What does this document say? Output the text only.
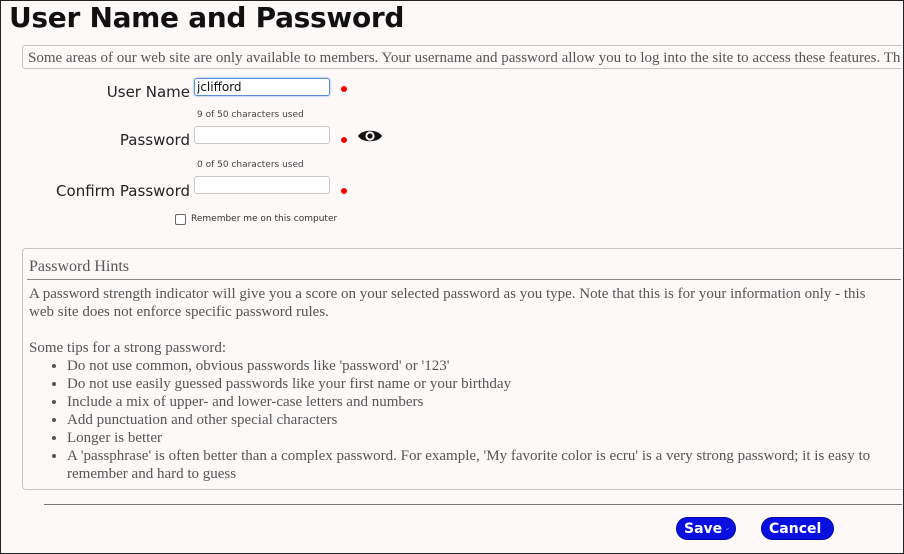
User Name and Password
Some areas of our web site are only available to members. Your username and password allow you to log into the site to access these features. Th
User Name
jclifford
9 of 50 characters used
Password
0 of 50 characters used
Confirm Password
Remember me on this computer
Password Hints

A password strength indicator will give you a score on your selected password as you type. Note that this is for your information only - this web site does not enforce specific password rules.

Some tips for a strong password:

• Do not use common, obvious passwords like 'password' or '123'
• Do not use easily guessed passwords like your first name or your birthday
• Include a mix of upper- and lower-case letters and numbers
• Add punctuation and other special characters
• Longer is better
• A 'passphrase' is often better than a complex password. For example, 'My favorite color is ecru' is a very strong password; it is easy to remember and hard to guess
Save	Cancel
